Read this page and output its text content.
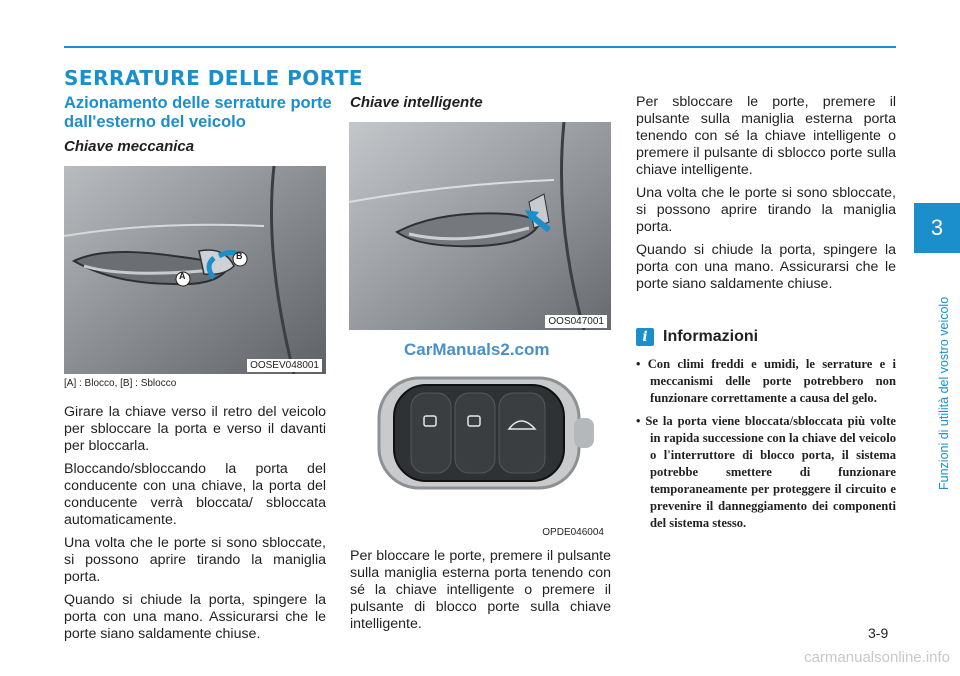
SERRATURE DELLE PORTE
Azionamento delle serrature porte dall'esterno del veicolo
Chiave meccanica
A
B
OOSEV048001
[A] : Blocco, [B] : Sblocco

Girare la chiave verso il retro del veicolo per sbloccare la porta e verso il davanti per bloccarla.

Bloccando/sbloccando la porta del conducente con una chiave, la porta del conducente verrà bloccata/ sbloccata automaticamente.

Una volta che le porte si sono sbloccate, si possono aprire tirando la maniglia porta.

Quando si chiude la porta, spingere la porta con una mano. Assicurarsi che le porte siano saldamente chiuse.

Chiave intelligente
OOS047001
OPDE046004
CarManuals2.com

Per bloccare le porte, premere il pulsante sulla maniglia esterna porta tenendo con sé la chiave intelligente o premere il pulsante di blocco porte sulla chiave intelligente.

Per sbloccare le porte, premere il pulsante sulla maniglia esterna porta tenendo con sé la chiave intelligente o premere il pulsante di sblocco porte sulla chiave intelligente.

Una volta che le porte si sono sbloccate, si possono aprire tirando la maniglia porta.

Quando si chiude la porta, spingere la porta con una mano. Assicurarsi che le porte siano saldamente chiuse.

i Informazioni
• Con climi freddi e umidi, le serrature e i meccanismi delle porte potrebbero non funzionare correttamente a causa del gelo.
• Se la porta viene bloccata/sbloccata più volte in rapida successione con la chiave del veicolo o l'interruttore di blocco porta, il sistema potrebbe smettere di funzionare temporaneamente per proteggere il circuito e prevenire il danneggiamento dei componenti del sistema stesso.
3
Funzioni di utilità del vostro veicolo
3-9
carmanualsonline.info
